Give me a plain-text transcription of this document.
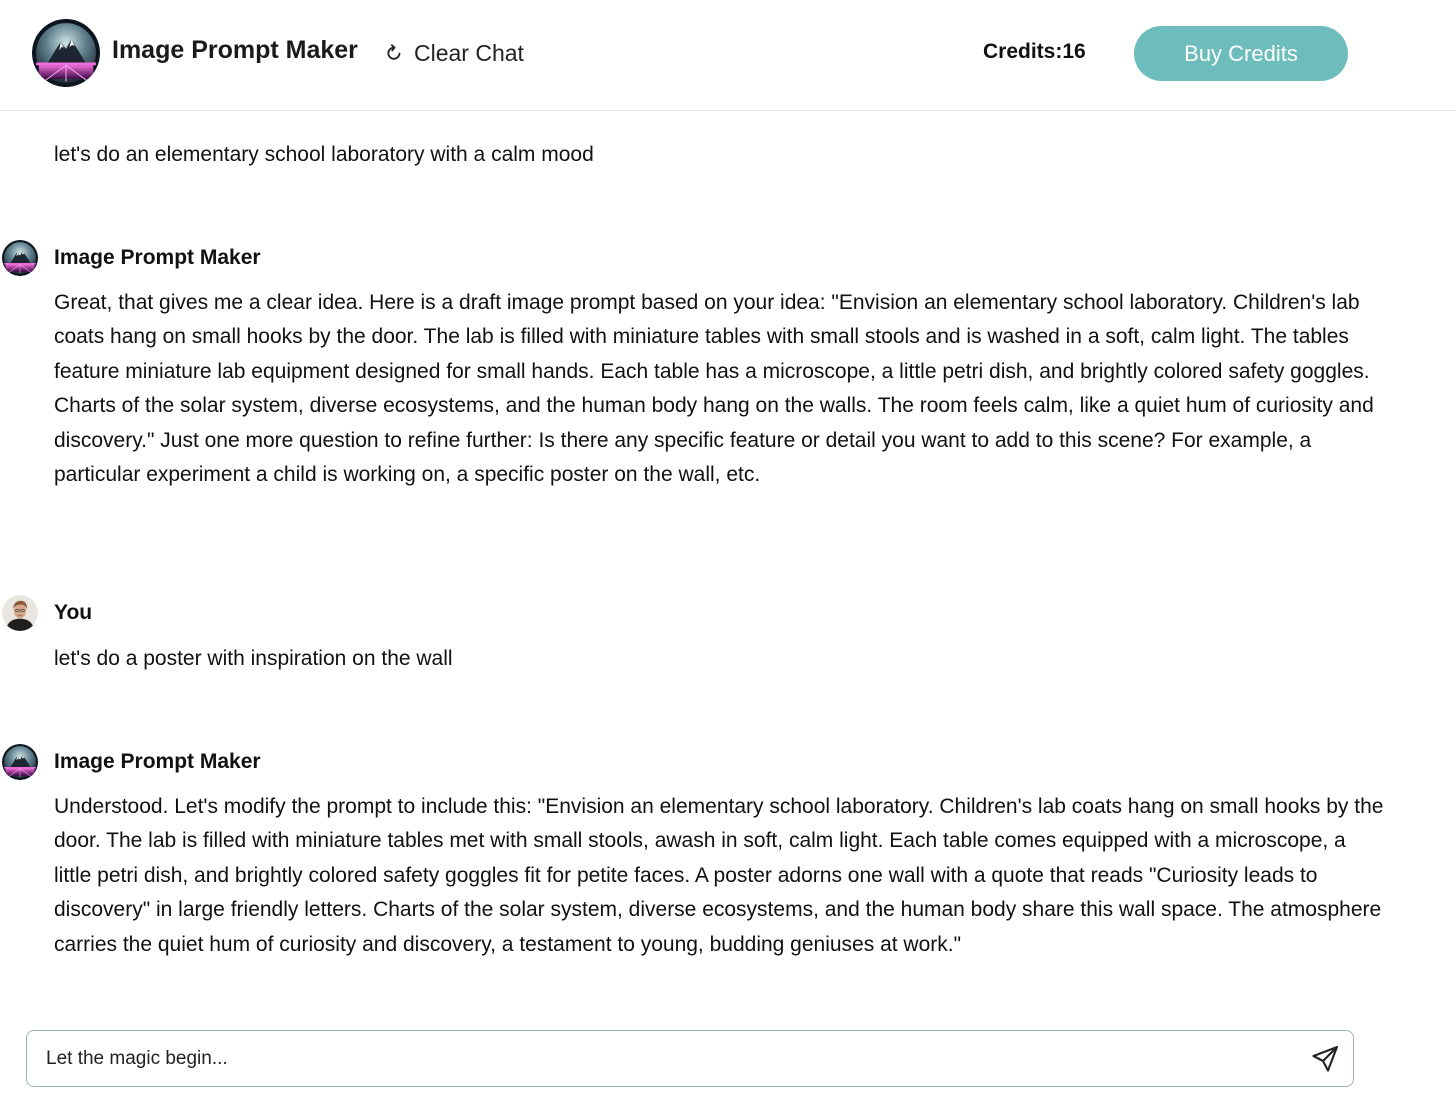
Image Prompt Maker Clear Chat	Credits:16	Buy Credits
let's do an elementary school laboratory with a calm mood
Image Prompt Maker
Great, that gives me a clear idea. Here is a draft image prompt based on your idea: "Envision an elementary school laboratory. Children's lab coats hang on small hooks by the door. The lab is filled with miniature tables with small stools and is washed in a soft, calm light. The tables feature miniature lab equipment designed for small hands. Each table has a microscope, a little petri dish, and brightly colored safety goggles. Charts of the solar system, diverse ecosystems, and the human body hang on the walls. The room feels calm, like a quiet hum of curiosity and discovery." Just one more question to refine further: Is there any specific feature or detail you want to add to this scene? For example, a particular experiment a child is working on, a specific poster on the wall, etc.
You
let's do a poster with inspiration on the wall
Image Prompt Maker
Understood. Let's modify the prompt to include this: "Envision an elementary school laboratory. Children's lab coats hang on small hooks by the door. The lab is filled with miniature tables met with small stools, awash in soft, calm light. Each table comes equipped with a microscope, a little petri dish, and brightly colored safety goggles fit for petite faces. A poster adorns one wall with a quote that reads "Curiosity leads to discovery" in large friendly letters. Charts of the solar system, diverse ecosystems, and the human body share this wall space. The atmosphere carries the quiet hum of curiosity and discovery, a testament to young, budding geniuses at work."
Let the magic begin...
